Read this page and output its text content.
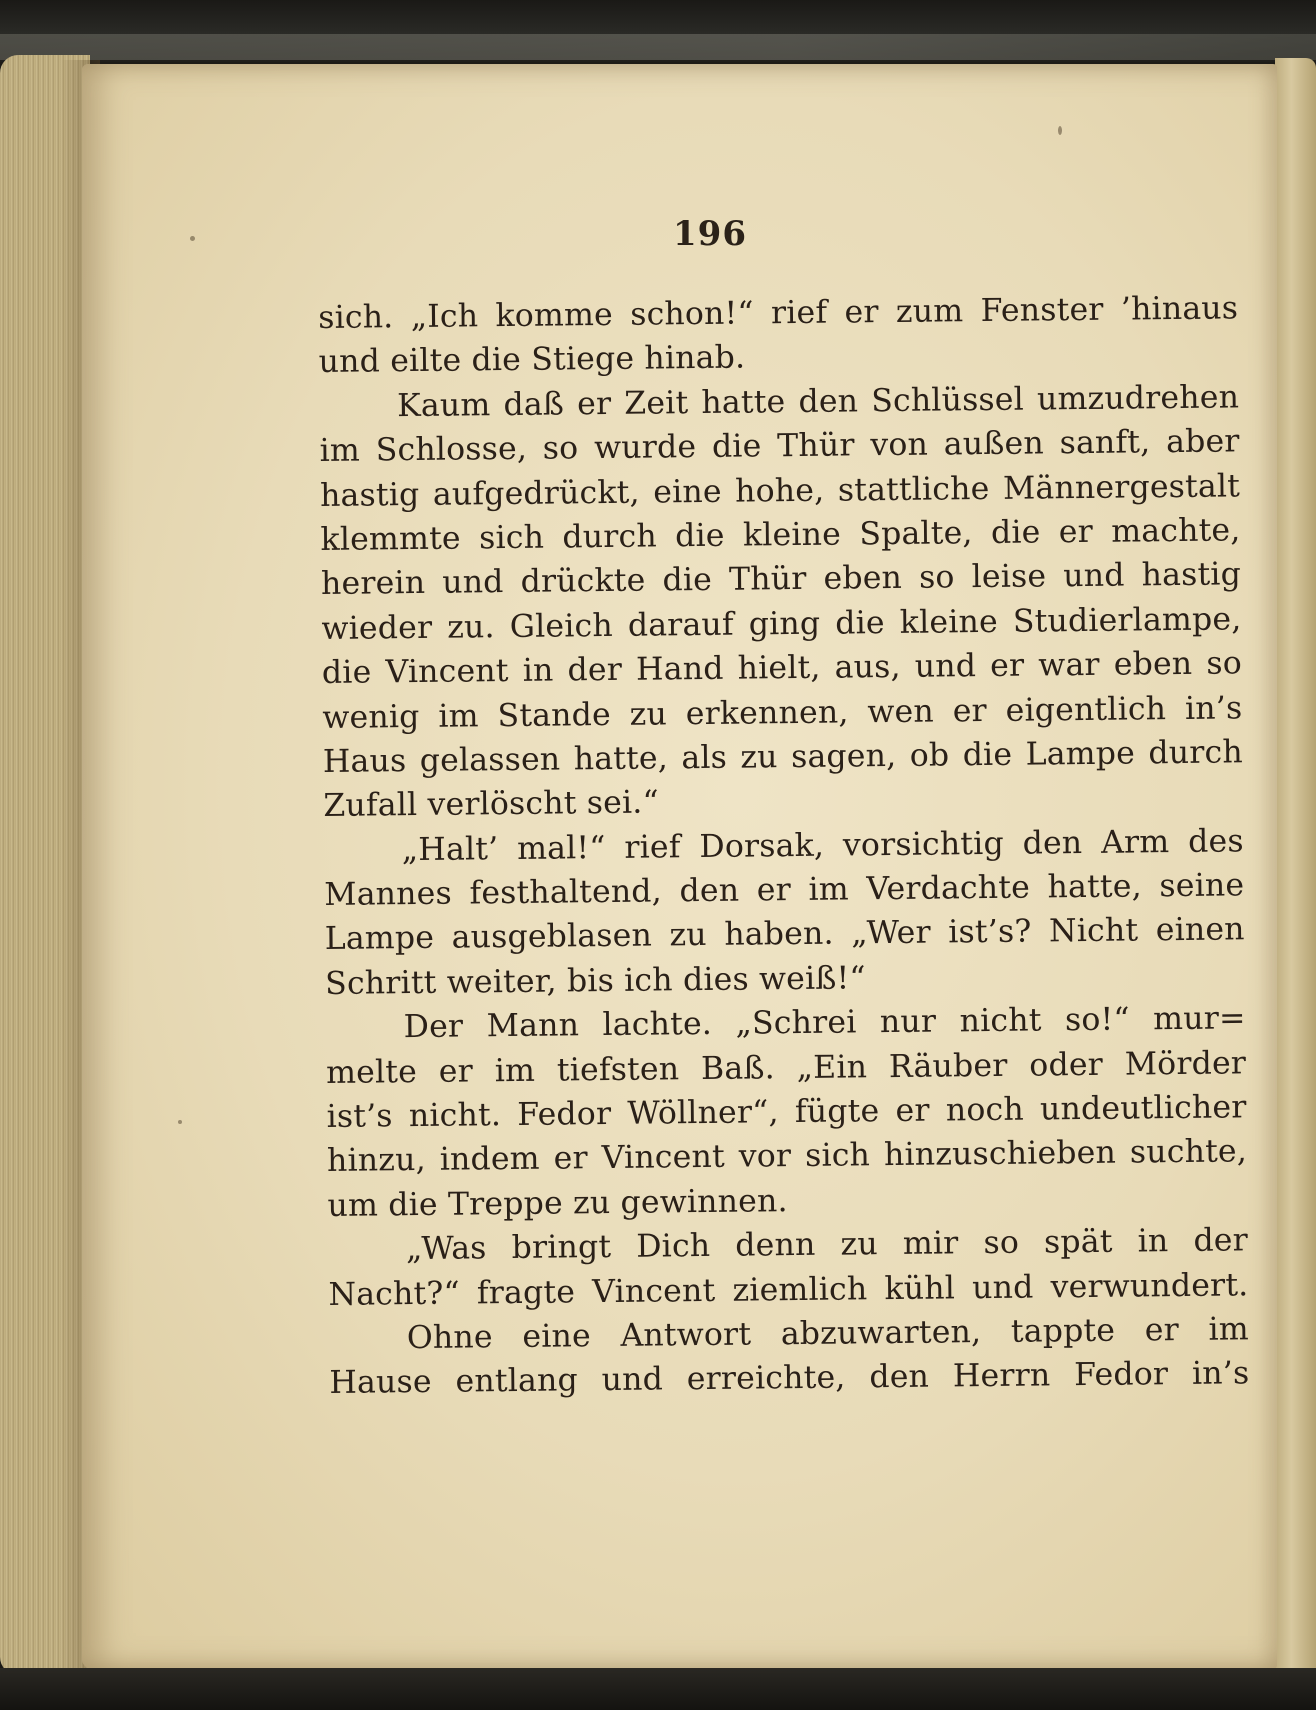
196
sich. „Ich komme schon!“ rief er zum Fenster ’hinaus
und eilte die Stiege hinab.
Kaum daß er Zeit hatte den Schlüssel umzudrehen
im Schlosse, so wurde die Thür von außen sanft, aber
hastig aufgedrückt, eine hohe, stattliche Männergestalt
klemmte sich durch die kleine Spalte, die er machte,
herein und drückte die Thür eben so leise und hastig
wieder zu. Gleich darauf ging die kleine Studierlampe,
die Vincent in der Hand hielt, aus, und er war eben so
wenig im Stande zu erkennen, wen er eigentlich in’s
Haus gelassen hatte, als zu sagen, ob die Lampe durch
Zufall verlöscht sei.“
„Halt’ mal!“ rief Dorsak, vorsichtig den Arm des
Mannes festhaltend, den er im Verdachte hatte, seine
Lampe ausgeblasen zu haben. „Wer ist’s? Nicht einen
Schritt weiter, bis ich dies weiß!“
Der Mann lachte. „Schrei nur nicht so!“ mur=
melte er im tiefsten Baß. „Ein Räuber oder Mörder
ist’s nicht. Fedor Wöllner“, fügte er noch undeutlicher
hinzu, indem er Vincent vor sich hinzuschieben suchte,
um die Treppe zu gewinnen.
„Was bringt Dich denn zu mir so spät in der
Nacht?“ fragte Vincent ziemlich kühl und verwundert.
Ohne eine Antwort abzuwarten, tappte er im
Hause entlang und erreichte, den Herrn Fedor in’s
